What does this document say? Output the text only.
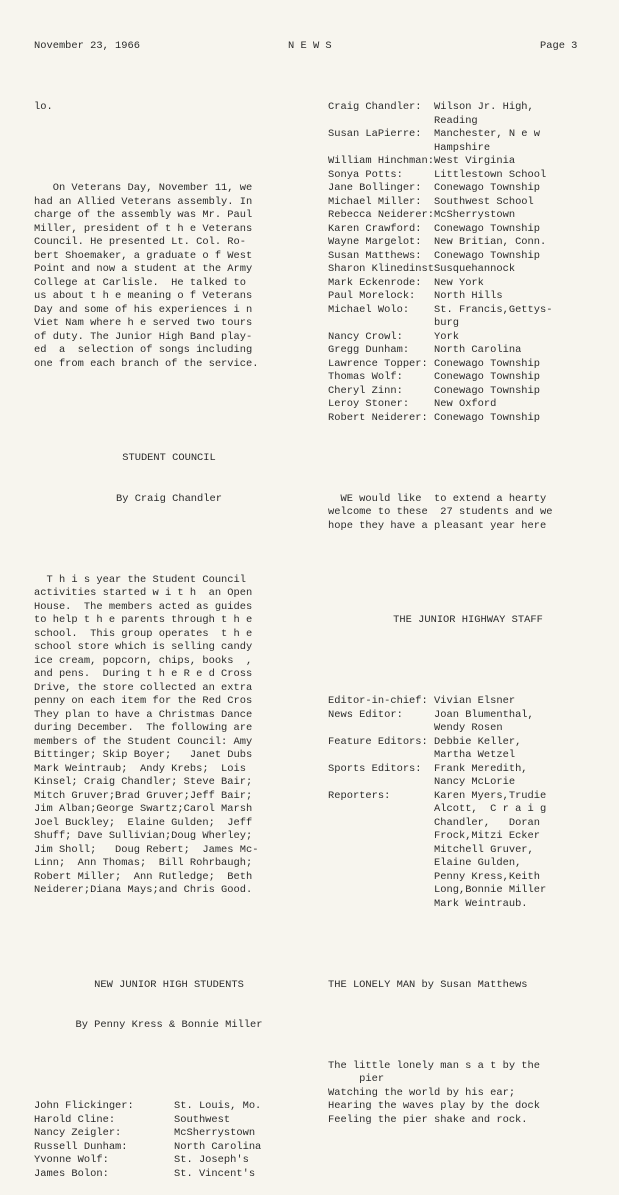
November 23, 1966	N E W S	Page 3

lo.

On Veterans Day, November 11, we

had an Allied Veterans assembly. In

charge of the assembly was Mr. Paul

Miller, president of t h e Veterans

Council. He presented Lt. Col. Ro-

bert Shoemaker, a graduate o f West

Point and now a student at the Army

College at Carlisle.  He talked to

us about t h e meaning o f Veterans

Day and some of his experiences i n

Viet Nam where h e served two tours

of duty. The Junior High Band play-

ed  a  selection of songs including

one from each branch of the service.

STUDENT COUNCIL

By Craig Chandler

T h i s year the Student Council

activities started w i t h  an Open

House.  The members acted as guides

to help t h e parents through t h e

school.  This group operates  t h e

school store which is selling candy

ice cream, popcorn, chips, books  ,

and pens.  During t h e R e d Cross

Drive, the store collected an extra

penny on each item for the Red Cros

They plan to have a Christmas Dance

during December.  The following are

members of the Student Council: Amy

Bittinger; Skip Boyer;   Janet Dubs

Mark Weintraub;  Andy Krebs;  Lois

Kinsel; Craig Chandler; Steve Bair;

Mitch Gruver;Brad Gruver;Jeff Bair;

Jim Alban;George Swartz;Carol Marsh

Joel Buckley;  Elaine Gulden;  Jeff

Shuff; Dave Sullivian;Doug Wherley;

Jim Sholl;   Doug Rebert;  James Mc-

Linn;  Ann Thomas;  Bill Rohrbaugh;

Robert Miller;  Ann Rutledge;  Beth

Neiderer;Diana Mays;and Chris Good.

NEW JUNIOR HIGH STUDENTS

By Penny Kress & Bonnie Miller

John Flickinger:	St. Louis, Mo.
Harold Cline:	Southwest
Nancy Zeigler:	McSherrystown
Russell Dunham:	North Carolina
Yvonne Wolf:	St. Joseph's
James Bolon:	St. Vincent's

Craig Chandler: Wilson Jr. High,
Reading
Susan LaPierre: Manchester, N e w
Hampshire
William Hinchman: West Virginia
Sonya Potts: Littlestown School
Jane Bollinger: Conewago Township
Michael Miller: Southwest School
Rebecca Neiderer: McSherrystown
Karen Crawford: Conewago Township
Wayne Margelot: New Britian, Conn.
Susan Matthews: Conewago Township
Sharon Klinedinst Susquehannock
Mark Eckenrode: New York
Paul Morelock: North Hills
Michael Wolo: St. Francis,Gettys-
burg
Nancy Crowl: York
Gregg Dunham: North Carolina
Lawrence Topper: Conewago Township
Thomas Wolf: Conewago Township
Cheryl Zinn: Conewago Township
Leroy Stoner: New Oxford
Robert Neiderer: Conewago Township

WE would like  to extend a hearty

welcome to these  27 students and we

hope they have a pleasant year here

THE JUNIOR HIGHWAY STAFF

Editor-in-chief: Vivian Elsner
News Editor: Joan Blumenthal,
Wendy Rosen
Feature Editors: Debbie Keller,
Martha Wetzel
Sports Editors: Frank Meredith,
Nancy McLorie
Reporters: Karen Myers,Trudie
Alcott,  C r a i g
Chandler,   Doran
Frock,Mitzi Ecker
Mitchell Gruver,
Elaine Gulden,
Penny Kress,Keith
Long,Bonnie Miller
Mark Weintraub.

THE LONELY MAN by Susan Matthews

The little lonely man s a t by the

pier

Watching the world by his ear;

Hearing the waves play by the dock

Feeling the pier shake and rock.
